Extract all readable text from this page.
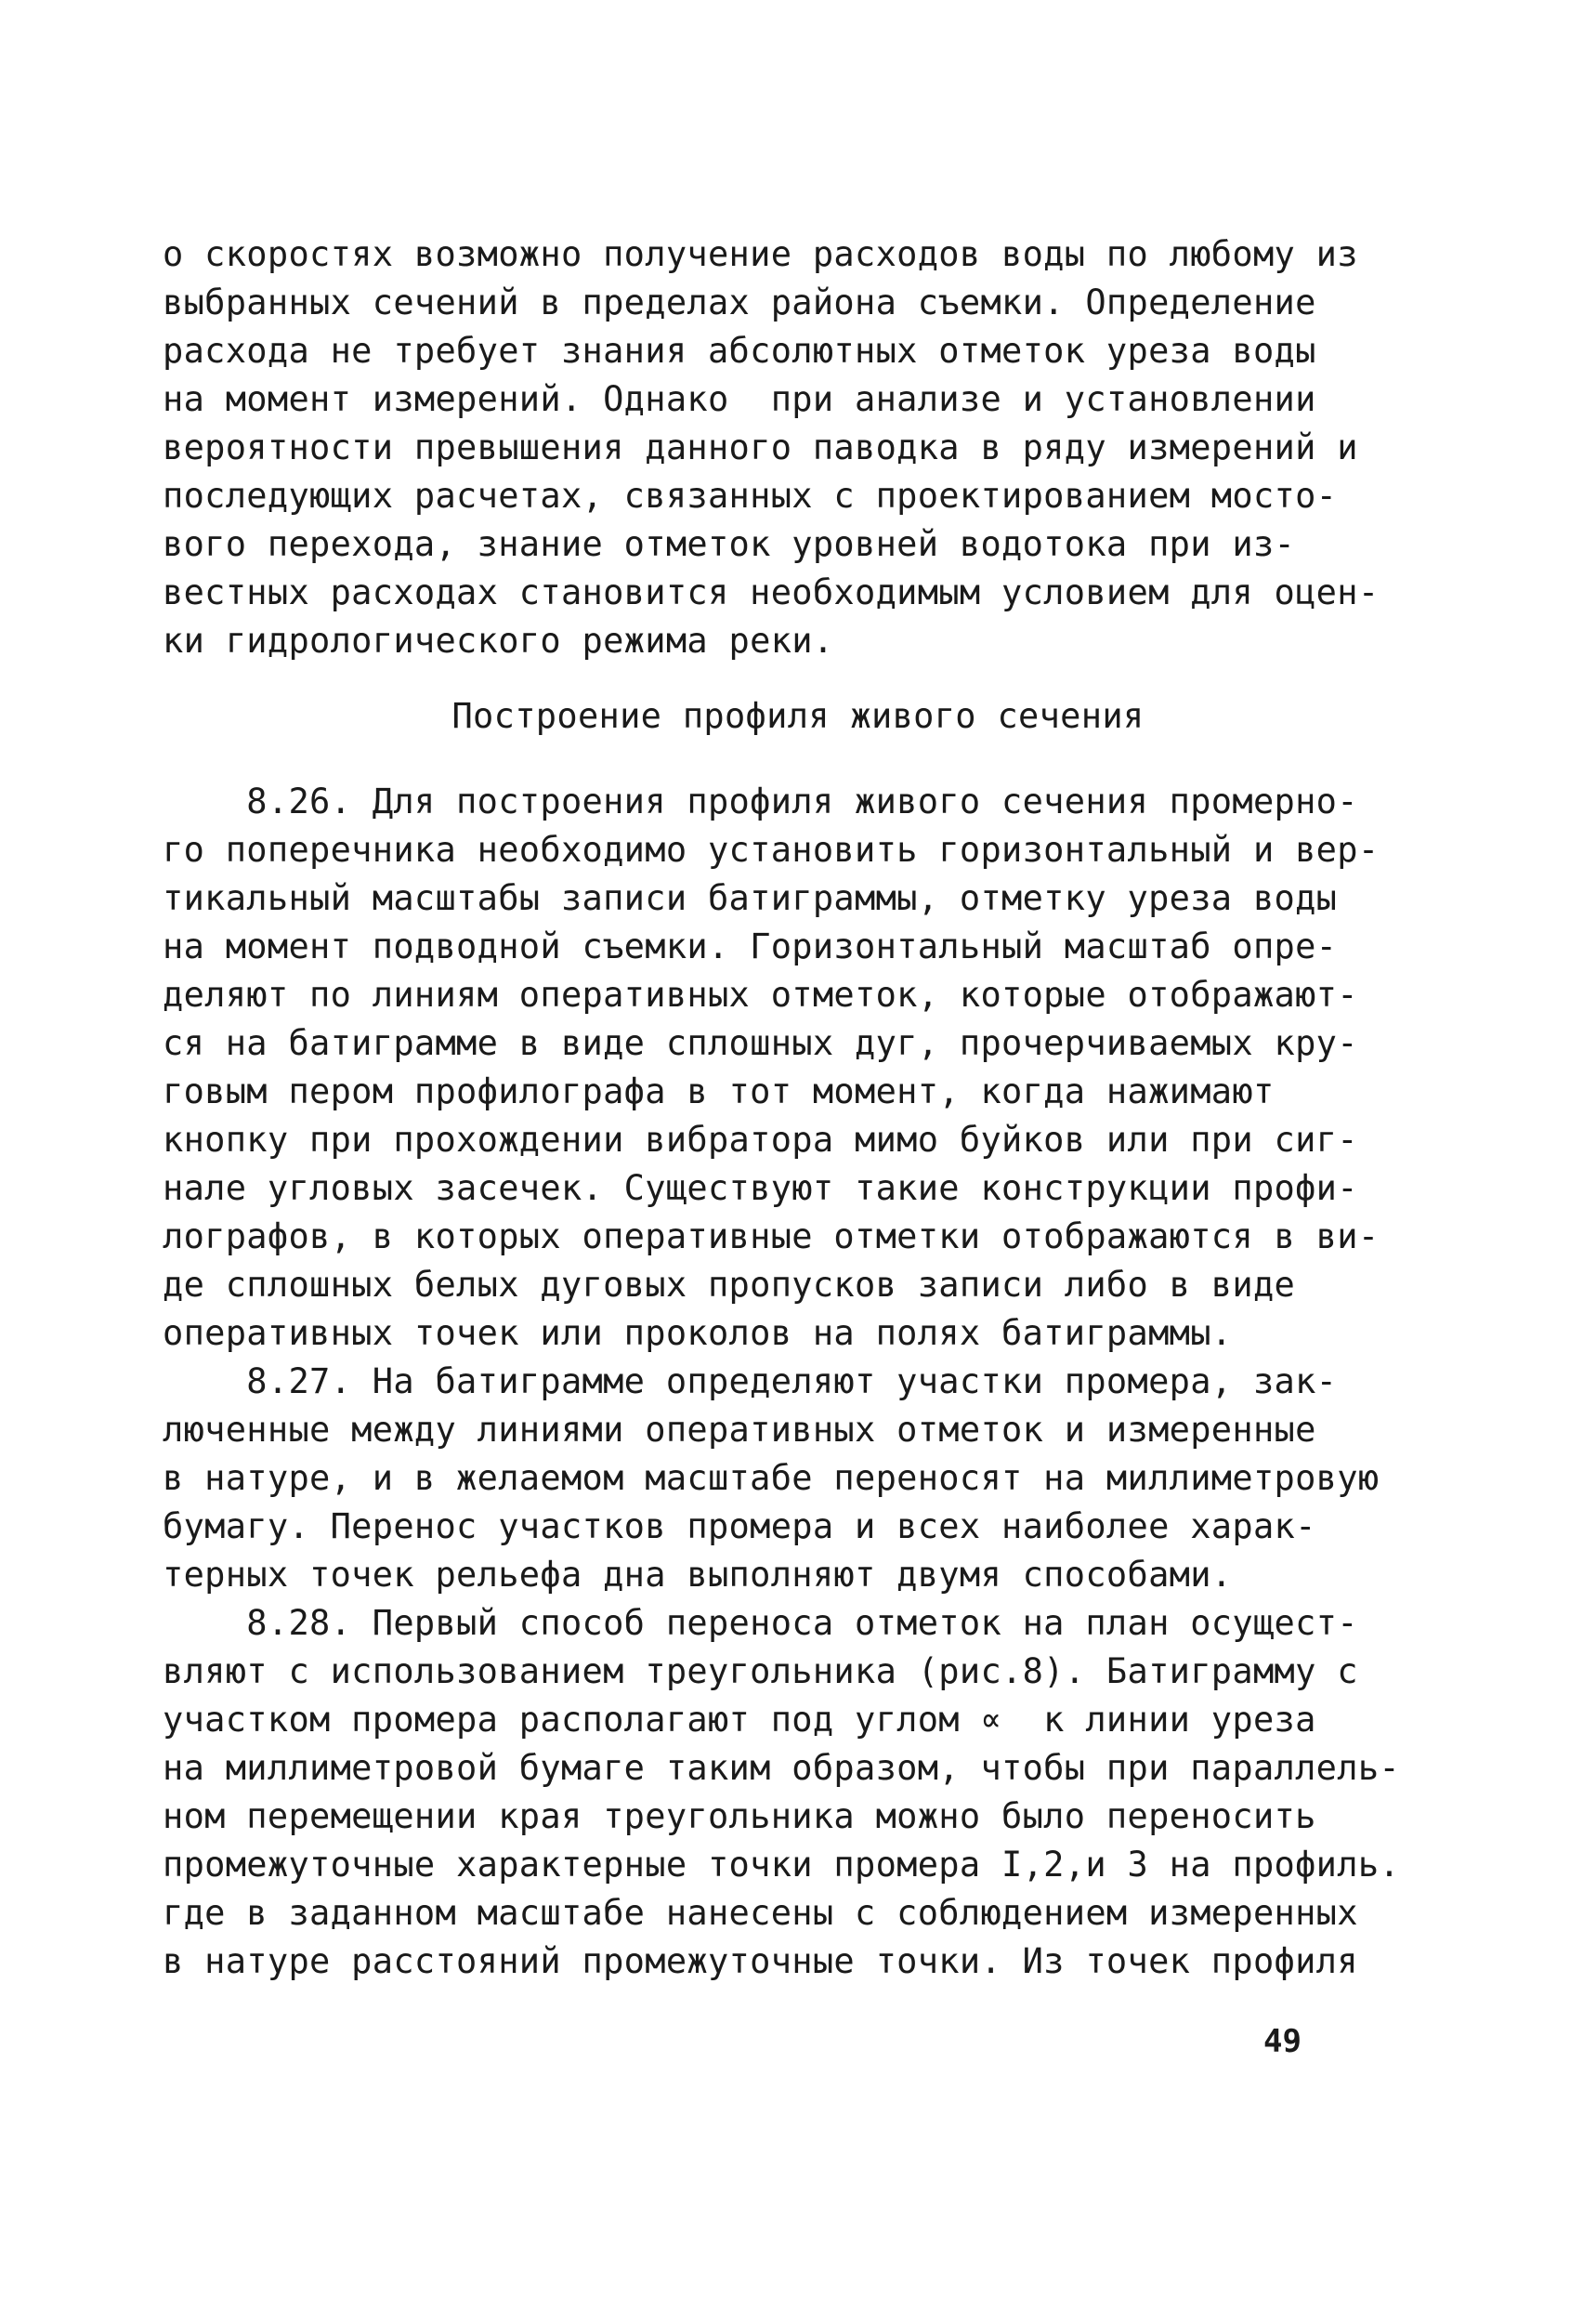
о скоростях возможно получение расходов воды по любому из
выбранных сечений в пределах района съемки. Определение
расхода не требует знания абсолютных отметок уреза воды
на момент измерений. Однако  при анализе и установлении
вероятности превышения данного паводка в ряду измерений и
последующих расчетах, связанных с проектированием мосто-
вого перехода, знание отметок уровней водотока при из-
вестных расходах становится необходимым условием для оцен-
ки гидрологического режима реки.
Построение профиля живого сечения
8.26. Для построения профиля живого сечения промерно-
го поперечника необходимо установить горизонтальный и вер-
тикальный масштабы записи батиграммы, отметку уреза воды
на момент подводной съемки. Горизонтальный масштаб опре-
деляют по линиям оперативных отметок, которые отображают-
ся на батиграмме в виде сплошных дуг, прочерчиваемых кру-
говым пером профилографа в тот момент, когда нажимают
кнопку при прохождении вибратора мимо буйков или при сиг-
нале угловых засечек. Существуют такие конструкции профи-
лографов, в которых оперативные отметки отображаются в ви-
де сплошных белых дуговых пропусков записи либо в виде
оперативных точек или проколов на полях батиграммы.
8.27. На батиграмме определяют участки промера, зак-
люченные между линиями оперативных отметок и измеренные
в натуре, и в желаемом масштабе переносят на миллиметровую
бумагу. Перенос участков промера и всех наиболее харак-
терных точек рельефа дна выполняют двумя способами.
8.28. Первый способ переноса отметок на план осущест-
вляют с использованием треугольника (рис.8). Батиграмму с
участком промера располагают под углом ∝  к линии уреза
на миллиметровой бумаге таким образом, чтобы при параллель-
ном перемещении края треугольника можно было переносить
промежуточные характерные точки промера I,2,и 3 на профиль.
где в заданном масштабе нанесены с соблюдением измеренных
в натуре расстояний промежуточные точки. Из точек профиля
49
